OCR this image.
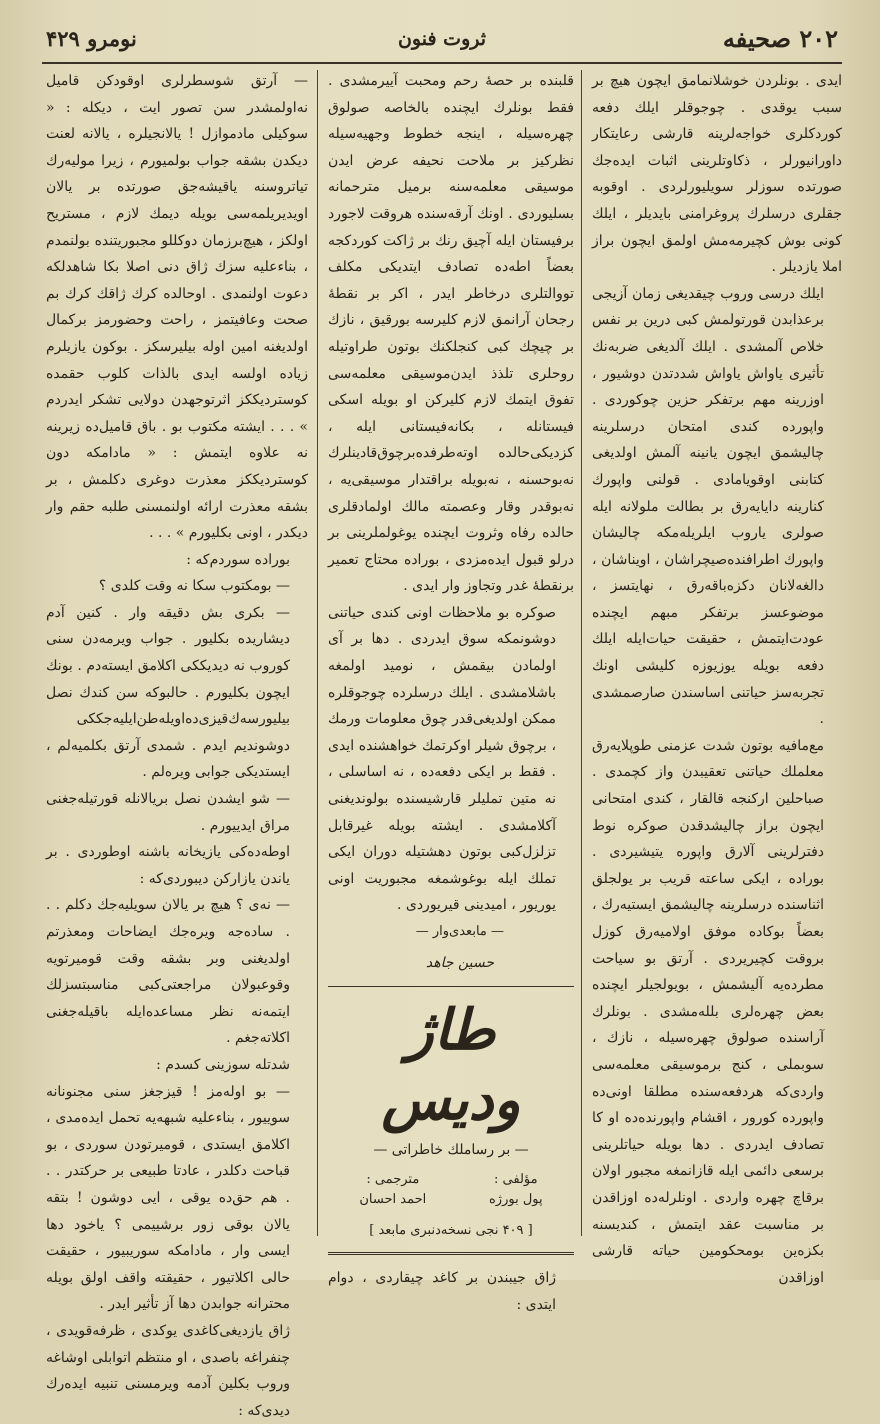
۲۰۲ صحیفه
ثروت فنون
نومرو ۴۲۹

ایدی . بونلردن خوشلانمامق ایچون هیچ بر سبب یوقدی . چوجوقلر ایلك دفعه کوردکلری خواجه‌لرینه قارشی رعایتکار داورانیورلر ، ذکاوتلرینی اثبات ایده‌جك صورتده سوزلر سویلیورلردی . اوقوبه جقلری درسلرك پروغرامنی بایدیلر ، ایلك کونی بوش کچیرمه‌مش اولمق ایچون براز املا یازدیلر .

ایلك درسی وروب چیقدیغی زمان آزیجی برعذابدن قورتولمش کبی درین بر نفس خلاص آلمشدی . ایلك آلدیغی ضربه‌نك تأثیری یاواش یاواش شددتدن دوشیور ، اوزرینه مهم برتفکر حزین چوکوردی . واپورده کندی امتحان درسلرینه چالیشمق ایچون یانینه آلمش اولدیغی کتابنی اوقویامادی . قولنی واپورك کنارینه دایایه‌رق بر بطالت ملولانه ایله صولری یاروب ایلریله‌مکه چالیشان واپورك اطرافنده‌صیچراشان ، اویناشان ، دالغه‌لانان دکزه‌باقه‌رق ، نهایتسز ، موضوعسز برتفکر مبهم ایچنده عودت‌ایتمش ، حقیقت حیات‌ایله ایلك دفعه بویله یوزیوزه کلیشی اونك تجربه‌سز حیاتنی اساسندن صارصمشدی .

مع‌مافیه بوتون شدت عزمنی طوپلایه‌رق معلملك حیاتنی تعقیبدن واز کچمدی . صباحلین ارکنجه قالقار ، کندی امتحانی ایچون براز چالیشدقدن صوکره نوط دفترلرینی آلارق واپوره یتیشیردی . بورادە ، ایکی ساعته قریب بر یولجلق اثناسنده درسلرینه چالیشمق ایستیه‌رك ، بعضاً بوکاده موفق اولامیه‌رق کوزل بروقت کچیریردی . آرتق بو سیاحت مطرده‌یه آلیشمش ، بویولجیلر ایچنده بعض چهره‌لری بللەمشدی . بونلرك آراسنده صولوق چهره‌سیله ، نازك ، سوبملی ، کنج برموسیقی معلمه‌سی واردی‌که هردفعه‌سنده مطلقا اونی‌ده واپورده کورور ، اقشام واپورنده‌ده او کا تصادف ایدردی . دها بویله حیاتلرینی برسعی دائمی ایله قازانمغه مجبور اولان برقاچ چهره واردی . اونلرله‌ده اوزاقدن بر مناسبت عقد ایتمش ، کندیسنه بکزەین بومحکومین حیاته قارشی اوزاقدن

قلبنده بر حصهٔ رحم ومحبت آییرمشدی . فقط بونلرك ایچنده بالخاصه صولوق چهره‌سیله ، اینجه خطوط وجهیه‌سیله نظرکیز بر ملاحت نحیفه عرض ایدن موسیقی معلمه‌سنه برمیل مترحمانه بسلیوردی . اونك آرقه‌سنده هروقت لاجورد برفیستان ایله آچیق رنك بر ژاکت کوردکجه بعضاً اطەده تصادف ایتدیکی مکلف تووالتلری درخاطر ایدر ، اکر بر نقطهٔ رجحان آرانمق لازم کلیرسه بورقیق ، نازك بر چیچك کبی کنجلکنك بوتون طراوتیله روحلری تلذذ ایدن‌موسیقی معلمه‌سی تفوق ایتمك لازم کلیرکن او بویله اسکی فیستانله ، بکانه‌فیستانی ایله ، کزدیکی‌حالده اوته‌طرفده‌برچوق‌قادینلرك نه‌بوحسنه ، نه‌بویله براقتدار موسیقی‌یه ، نه‌بوقدر وقار وعصمته مالك اولمادقلری حالده رفاه وثروت ایچنده یوغولملرینی بر درلو قبول ایده‌مزدی ، بورادە محتاج تعمیر برنقطهٔ غدر وتجاوز وار ایدی .

صوکره بو ملاحظات اونی کندی حیاتنی دوشونمکه سوق ایدردی . دها بر آی اولمادن بیقمش ، نومید اولمغه باشلامشدی . ایلك درسلرده چوجوقلره ممکن اولدیغی‌قدر چوق معلومات ورمك ، برچوق شیلر اوکرتمك خواهشنده ایدی . فقط بر ایکی دفعه‌ده ، نه اساسلی ، نه متین تملیلر قارشیسنده بولوندیغنی آکلامشدی . ایشته بویله غیرقابل تزلزل‌کبی بوتون دهشتیله دوران ایکی تملك ایله بوغوشمغه مجبوریت اونی یوریور ، امیدینی قیریوردی .

— مابعدی‌وار —
حسین جاهد
طاژ ودیس
— بر رساملك خاطراتی —
مؤلفی :
پول بورژه
مترجمی :
احمد احسان
[ ۴۰۹ نجی نسخه‌دنبری مابعد ]

ژاق جیبندن بر کاغد چیقاردی ، دوام ایتدی :

— آرتق شوسطرلری اوقودکن قامیل نه‌اولمشدر سن تصور ایت ، دیکلە : « سوکیلی مادموازل ! یالانجیلره ، یالانه لعنت دیکدن بشقه جواب بولمیورم ، زیرا مولیه‌رك تیاتروسنه یاقیشه‌جق صورتده بر یالان اویدیریلمه‌سی بویله دیمك لازم ، مستریح اولکز ، هیچ‌برزمان دوکللو مجبوریتنده بولنمدم ، بناءعلیه سزك ژاق دنی اصلا بکا شاهدلکه دعوت اولنمدی . اوحالده کرك ژاقك کرك بم صحت وعافیتمز ، راحت وحضورمز برکمال اولدیغنه امین اوله بیلیرسکز . بوکون یازیلرم زیاده اولسه ایدی بالذات کلوب حقمده کوستردیککز اثرتوجهدن دولایی تشکر ایدردم » . . . ایشته مکتوب بو . باق قامیل‌ده زیرینه نه علاوه ایتمش : « مادامکه دون کوستردیککز معذرت دوغری دکلمش ، بر بشقه معذرت ارائه اولنمسنی طلبه حقم وار دیکدر ، اونی بکلیورم » . . .

بورادە سوردم‌که :

— بومکتوب سکا نه وقت کلدی ؟

— بکری بش دقیقه وار . کنین آدم دیشاریده بکلیور . جواب ویرمه‌دن سنی کوروب نه دیدیککی اکلامق ایسته‌دم . بونك ایچون بکلیورم . حالبوکه سن کندك نصل بیلیورسەك‌قیزی‌ده‌اویله‌طن‌ایلیه‌جککی دوشوندیم ایدم . شمدی آرتق بکلمیه‌لم ، ایستدیکی جوابی ویرەلم .

— شو ایشدن نصل بریالانله قورتیله‌جغنی مراق ایدییورم .

اوطه‌ده‌کی یازیخانه باشنه اوطوردی . بر یاندن یازارکن دیبوردی‌که :

— نه‌ی ؟ هیچ بر یالان سویلیه‌جك دکلم . . . ساده‌جه ویره‌جك ایضاحات ومعذرتم اولدیغنی وبر بشقه وقت قومیرتویه وقوعبولان مراجعتی‌کبی مناسبتسزلك ایتمه‌نه نظر مساعده‌ایله باقیله‌جغنی اکلاته‌جغم .

شدتله سوزینی کسدم :

— بو اولەمز ! قیزجغز سنی مجنونانه سوییور ، بناءعلیه شبهه‌یه تحمل ایده‌مدی ، اکلامق ایستدی ، قومیرتودن سوردی ، بو قباحت دکلدر ، عادتا طبیعی بر حرکتدر . . . هم حق‌ده یوقی ، ایی دوشون ! بتقه یالان بوقی زور برشییمی ؟ یاخود دها ایسی وار ، مادامکه سوریبیور ، حقیقت حالی اکلاتیور ، حقیقته واقف اولق بویله محترانه جوابدن دها آز تأثیر ایدر .

ژاق یازدیغی‌کاغدی یوکدی ، ظرفه‌قویدی ، چنفراغه باصدی ، او منتظم اتوابلی اوشاغه وروب بکلین آدمه ویرمسنی تنبیه ایده‌رك دیدی‌که :
